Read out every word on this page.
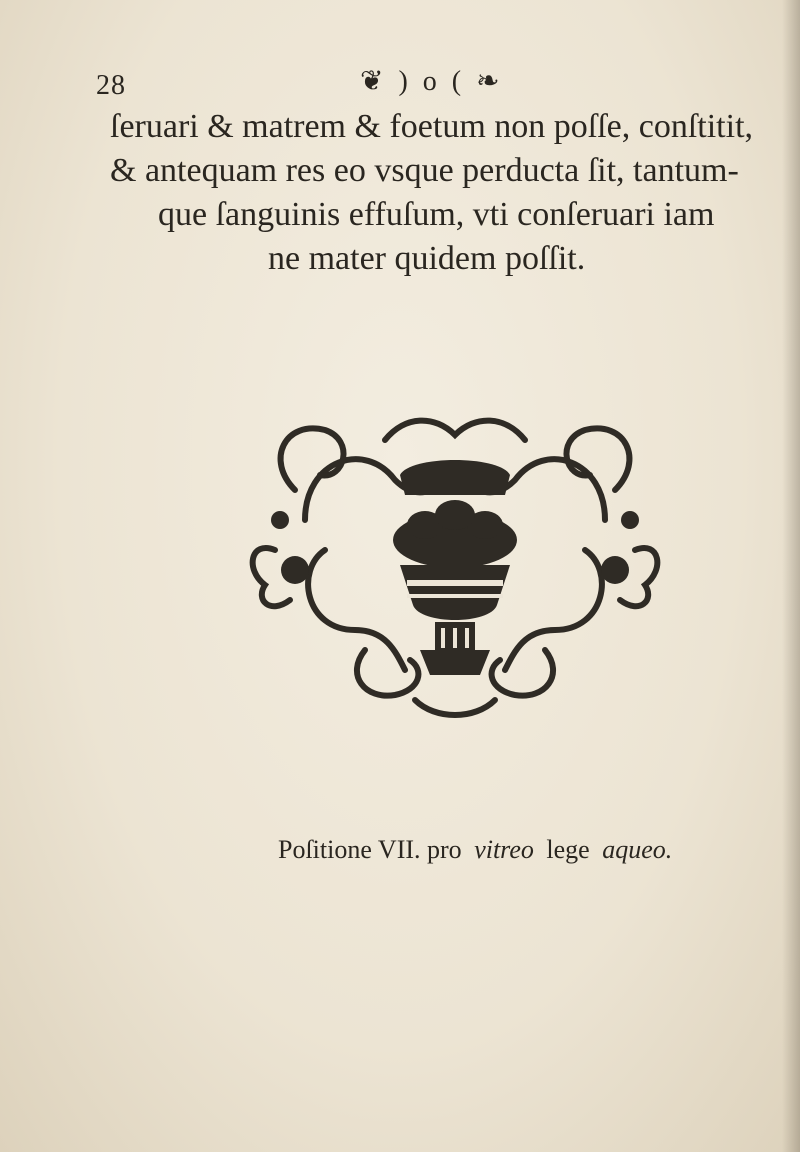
28	❦ ) o ( ❧
ſeruari & matrem & foetum non poſſe, conſtitit,
& antequam res eo vsque perducta ſit, tantum-
que ſanguinis effuſum, vti conſeruari iam
ne mater quidem poſſit.
Poſitione VII. pro vitreo lege aqueo.
